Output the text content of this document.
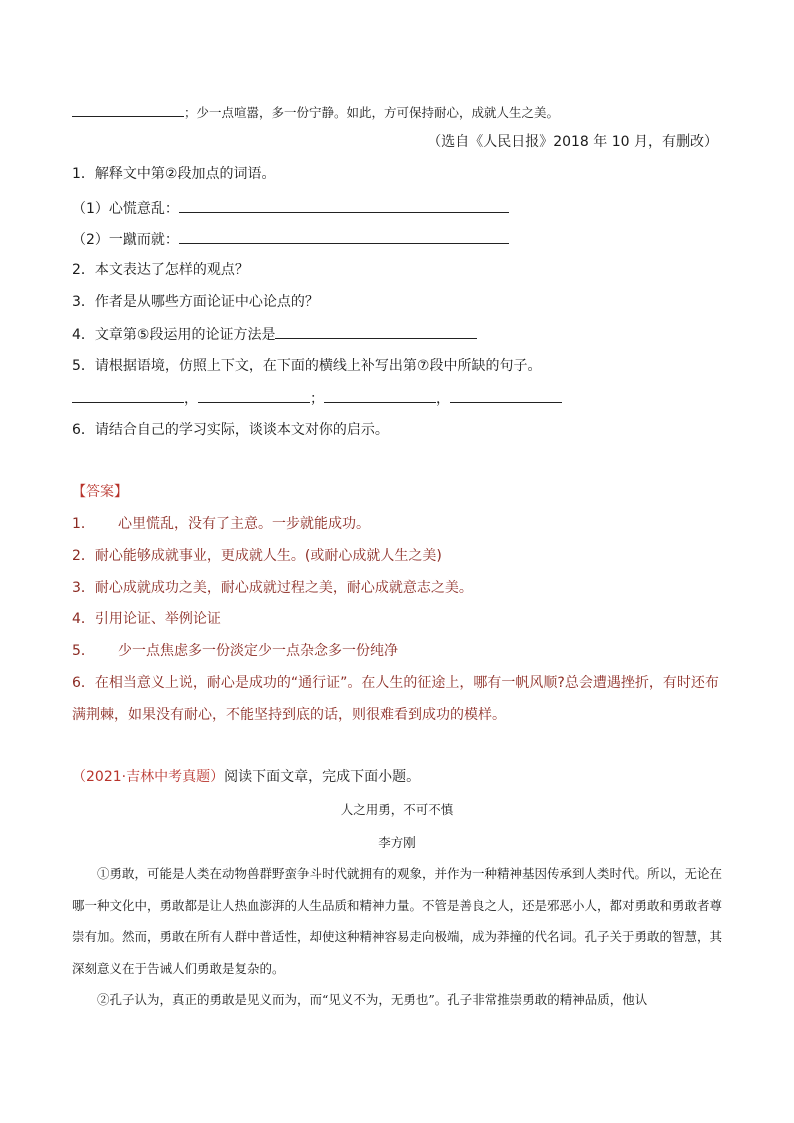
；少一点喧嚣，多一份宁静。如此，方可保持耐心，成就人生之美。
（选自《人民日报》2018 年 10 月，有删改）
1．解释文中第②段加点的词语。
（1）心慌意乱：
（2）一蹴而就：
2．本文表达了怎样的观点？
3．作者是从哪些方面论证中心论点的？
4．文章第⑤段运用的论证方法是
5．请根据语境，仿照上下文，在下面的横线上补写出第⑦段中所缺的句子。
，	；	，
6．请结合自己的学习实际，谈谈本文对你的启示。
【答案】
1． 心里慌乱，没有了主意。一步就能成功。
2．耐心能够成就事业，更成就人生。(或耐心成就人生之美)
3．耐心成就成功之美，耐心成就过程之美，耐心成就意志之美。
4．引用论证、举例论证
5． 少一点焦虑多一份淡定少一点杂念多一份纯净
6．在相当意义上说，耐心是成功的“通行证”。在人生的征途上，哪有一帆风顺?总会遭遇挫折，有时还布
满荆棘，如果没有耐心，不能坚持到底的话，则很难看到成功的模样。
（2021·吉林中考真题）阅读下面文章，完成下面小题。
人之用勇，不可不慎
李方刚
①勇敢，可能是人类在动物兽群野蛮争斗时代就拥有的观象，并作为一种精神基因传承到人类时代。所以，无论在哪一种文化中，勇敢都是让人热血澎湃的人生品质和精神力量。不管是善良之人，还是邪恶小人，都对勇敢和勇敢者尊崇有加。然而，勇敢在所有人群中普适性，却使这种精神容易走向极端，成为莽撞的代名词。孔子关于勇敢的智慧，其深刻意义在于告诫人们勇敢是复杂的。
②孔子认为，真正的勇敢是见义而为，而“见义不为，无勇也”。孔子非常推崇勇敢的精神品质，他认
